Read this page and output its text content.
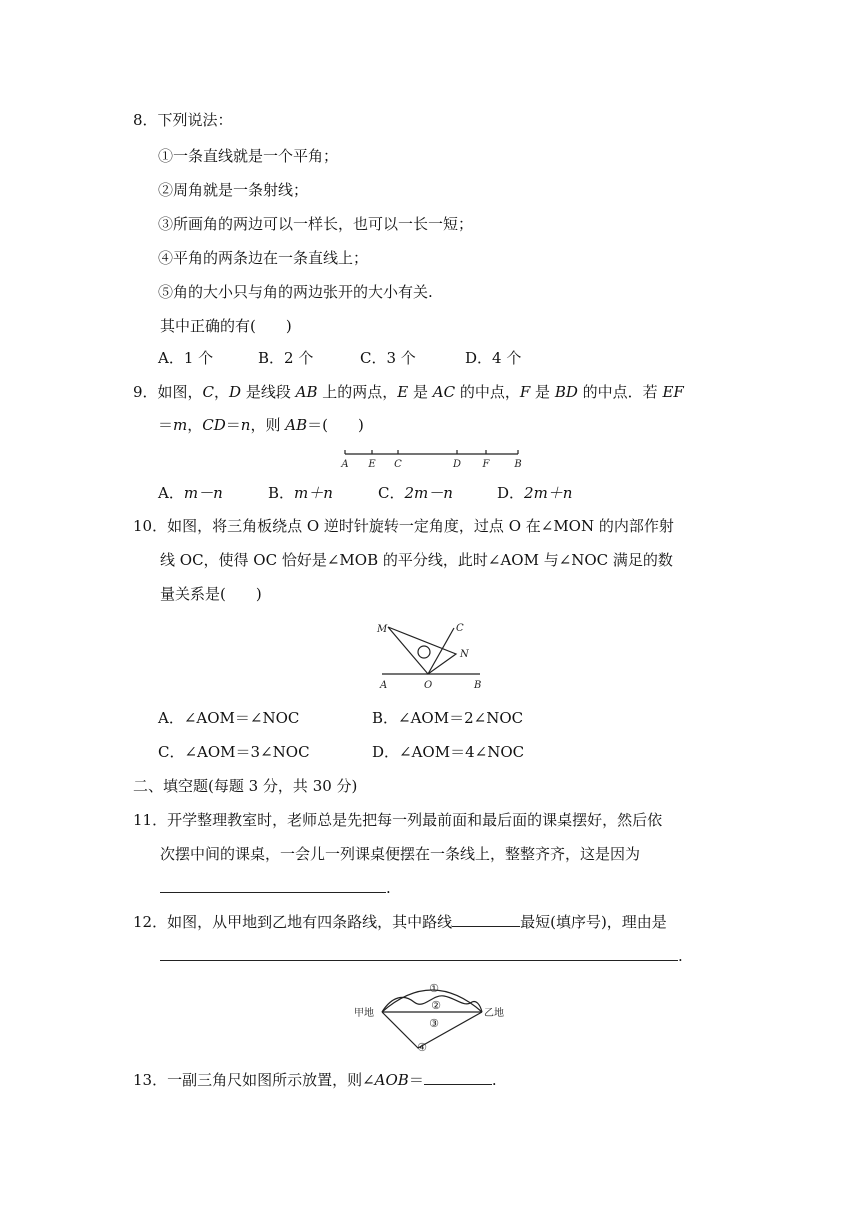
8．下列说法：
①一条直线就是一个平角；
②周角就是一条射线；
③所画角的两边可以一样长，也可以一长一短；
④平角的两条边在一条直线上；
⑤角的大小只与角的两边张开的大小有关.
其中正确的有(　　)
A．1 个	B．2 个	C．3 个	D．4 个
9．如图，C，D 是线段 AB 上的两点，E 是 AC 的中点，F 是 BD 的中点．若 EF
＝m，CD＝n，则 AB＝(　　)
A E C	D F B
A．m－n	B．m＋n	C．2m－n	D．2m＋n
10．如图，将三角板绕点 O 逆时针旋转一定角度，过点 O 在∠MON 的内部作射
线 OC，使得 OC 恰好是∠MOB 的平分线，此时∠AOM 与∠NOC 满足的数
量关系是(　　)
M	C
N
A	O	B
A．∠AOM＝∠NOC	B．∠AOM＝2∠NOC
C．∠AOM＝3∠NOC	D．∠AOM＝4∠NOC
二、填空题(每题 3 分，共 30 分)
11．开学整理教室时，老师总是先把每一列最前面和最后面的课桌摆好，然后依
次摆中间的课桌，一会儿一列课桌便摆在一条线上，整整齐齐，这是因为
.
12．如图，从甲地到乙地有四条路线，其中路线	最短(填序号)，理由是
.
甲地	乙地
①
②
③
④
13．一副三角尺如图所示放置，则∠AOB＝	.
